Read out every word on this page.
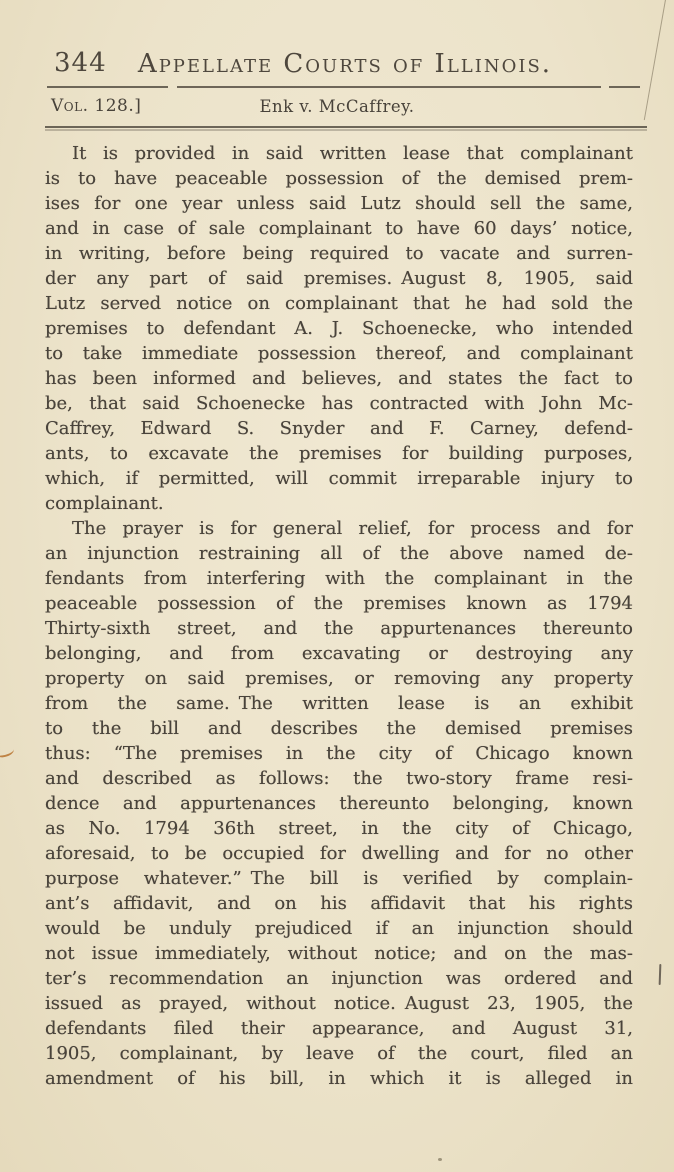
344	Appellate Courts of Illinois.
Vol. 128.]	Enk v. McCaffrey.
It is provided in said written lease that complainant
is to have peaceable possession of the demised prem-
ises for one year unless said Lutz should sell the same,
and in case of sale complainant to have 60 days’ notice,
in writing, before being required to vacate and surren-
der any part of said premises. August 8, 1905, said
Lutz served notice on complainant that he had sold the
premises to defendant A. J. Schoenecke, who intended
to take immediate possession thereof, and complainant
has been informed and believes, and states the fact to
be, that said Schoenecke has contracted with John Mc-
Caffrey, Edward S. Snyder and F. Carney, defend-
ants, to excavate the premises for building purposes,
which, if permitted, will commit irreparable injury to
complainant.
The prayer is for general relief, for process and for
an injunction restraining all of the above named de-
fendants from interfering with the complainant in the
peaceable possession of the premises known as 1794
Thirty-sixth street, and the appurtenances thereunto
belonging, and from excavating or destroying any
property on said premises, or removing any property
from the same. The written lease is an exhibit
to the bill and describes the demised premises
thus: “The premises in the city of Chicago known
and described as follows: the two-story frame resi-
dence and appurtenances thereunto belonging, known
as No. 1794 36th street, in the city of Chicago,
aforesaid, to be occupied for dwelling and for no other
purpose whatever.” The bill is verified by complain-
ant’s affidavit, and on his affidavit that his rights
would be unduly prejudiced if an injunction should
not issue immediately, without notice; and on the mas-
ter’s recommendation an injunction was ordered and
issued as prayed, without notice. August 23, 1905, the
defendants filed their appearance, and August 31,
1905, complainant, by leave of the court, filed an
amendment of his bill, in which it is alleged in
